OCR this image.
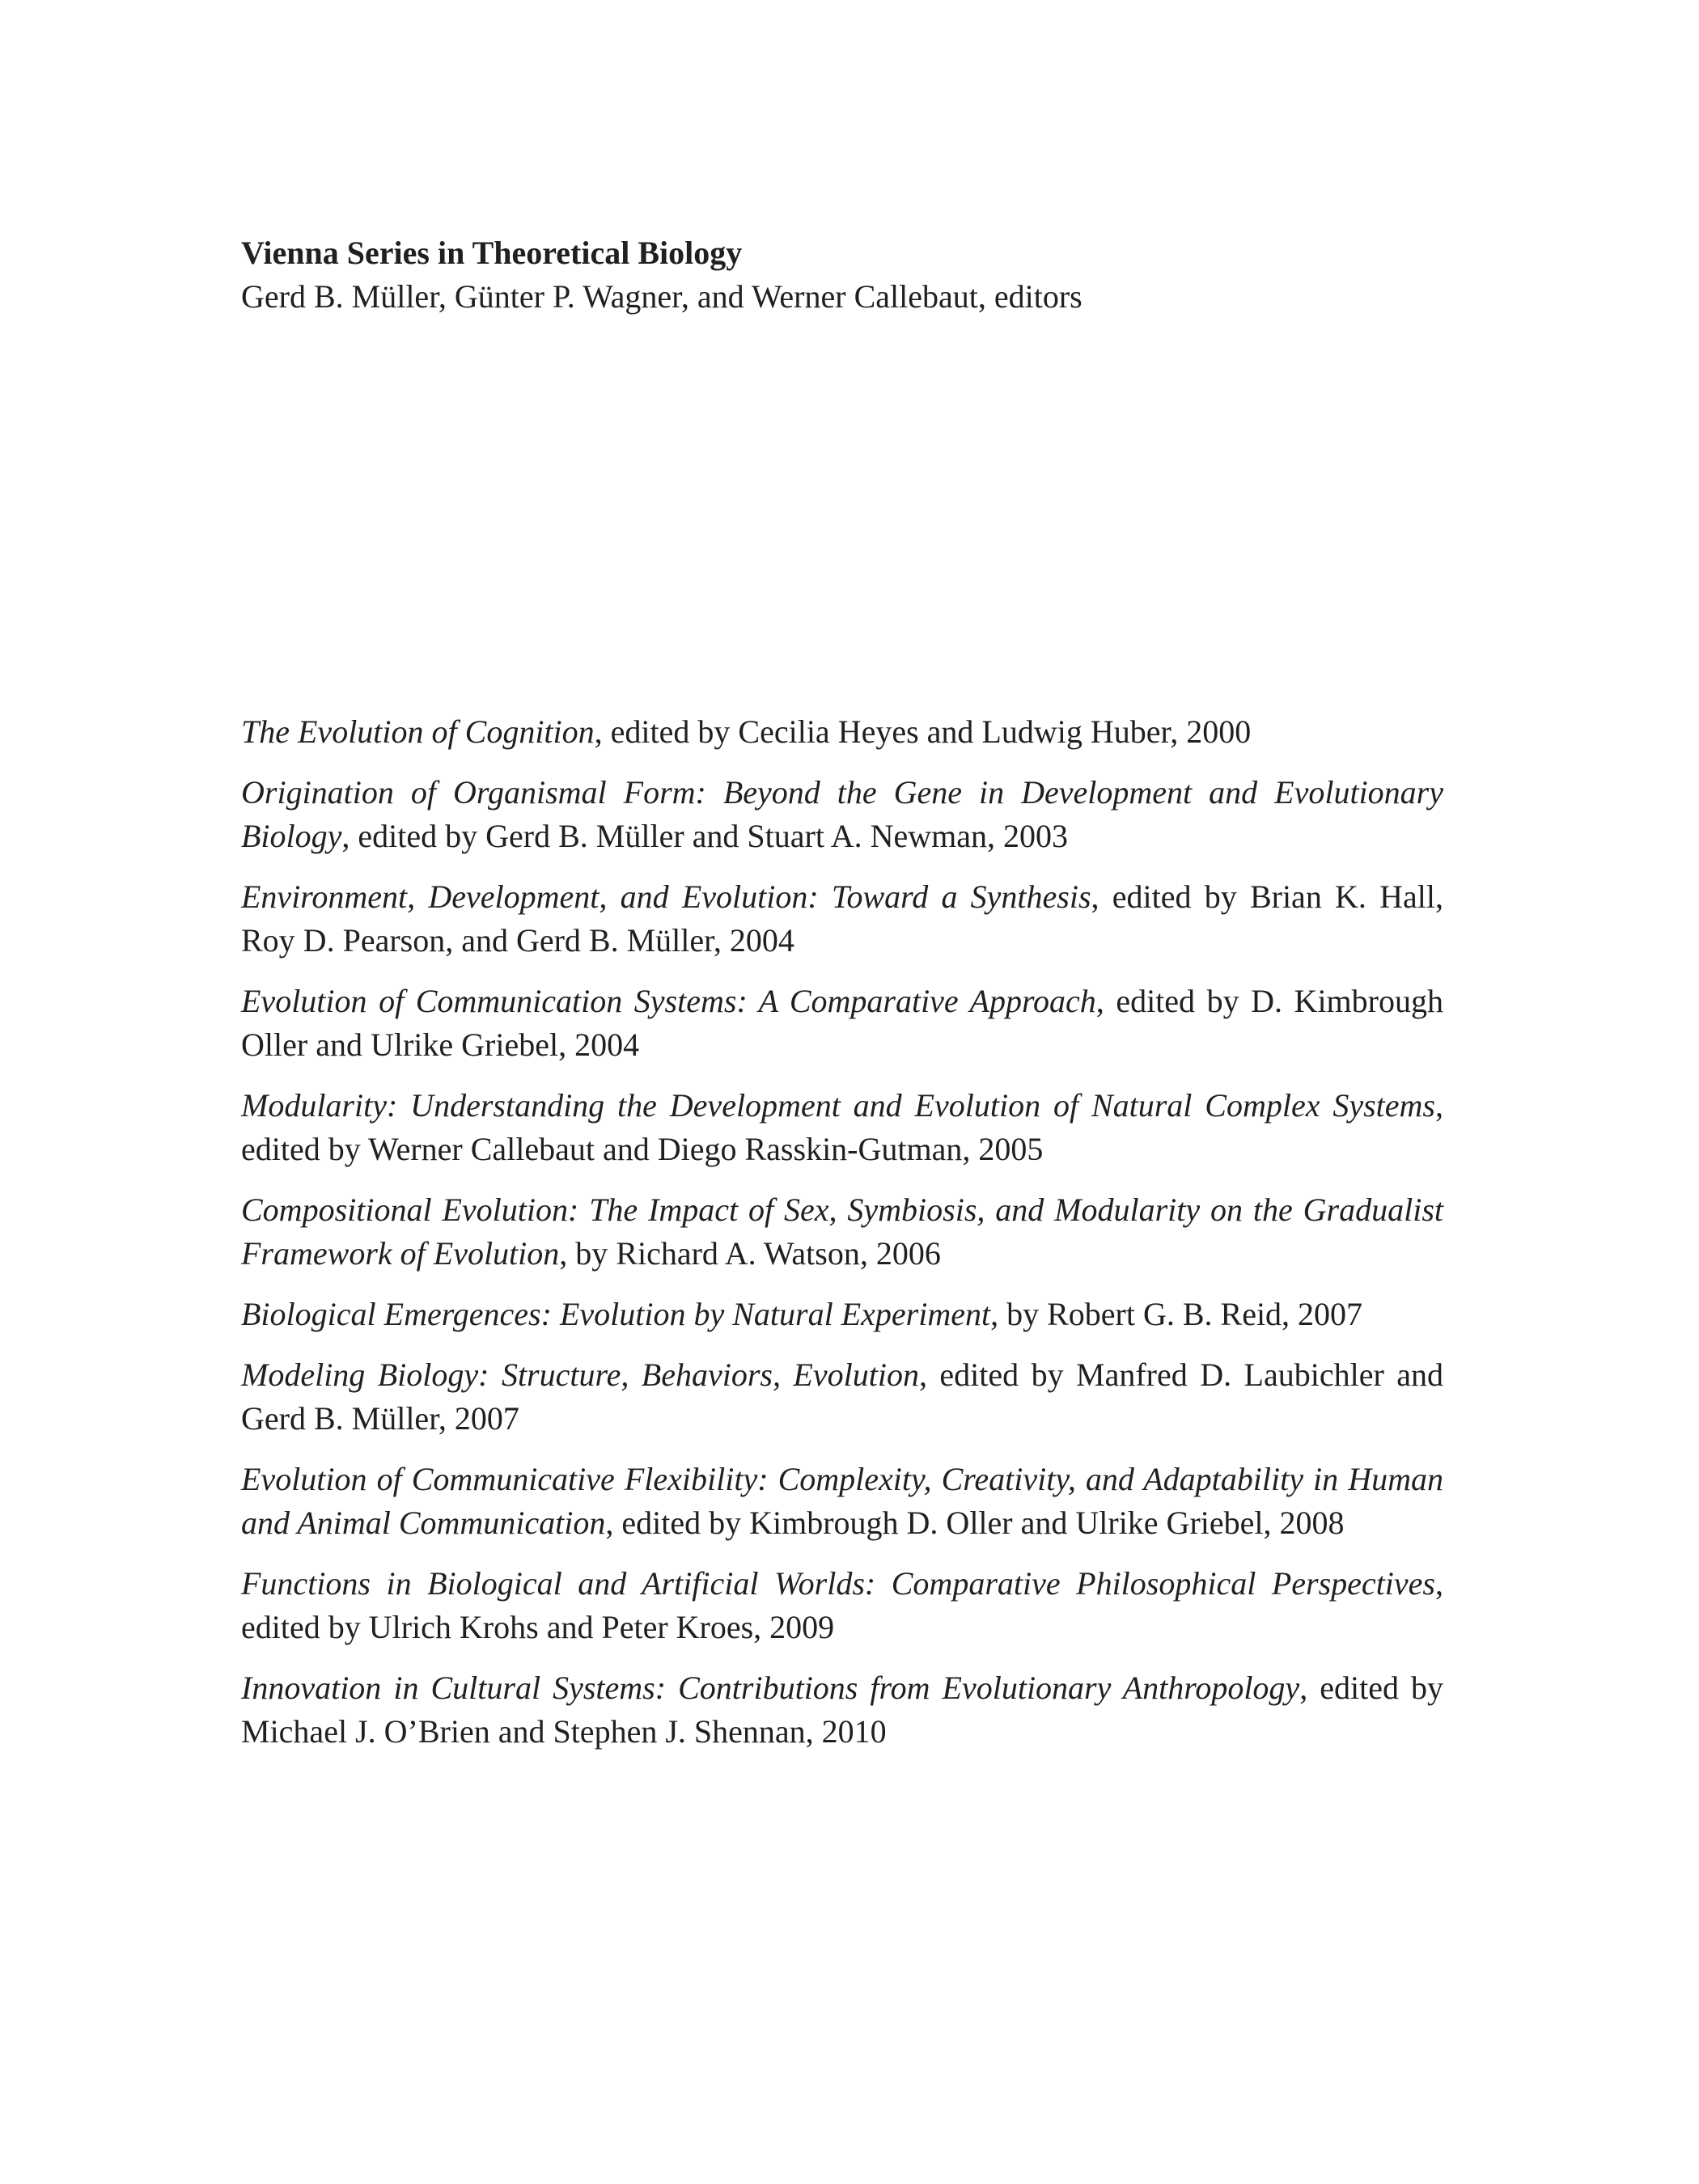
Vienna Series in Theoretical Biology

Gerd B. Müller, Günter P. Wagner, and Werner Callebaut, editors

The Evolution of Cognition, edited by Cecilia Heyes and Ludwig Huber, 2000
Origination of Organismal Form: Beyond the Gene in Development and Evolutionary Biology, edited by Gerd B. Müller and Stuart A. Newman, 2003
Environment, Development, and Evolution: Toward a Synthesis, edited by Brian K. Hall, Roy D. Pearson, and Gerd B. Müller, 2004
Evolution of Communication Systems: A Comparative Approach, edited by D. Kimbrough Oller and Ulrike Griebel, 2004
Modularity: Understanding the Development and Evolution of Natural Complex Systems, edited by Werner Callebaut and Diego Rasskin-Gutman, 2005
Compositional Evolution: The Impact of Sex, Symbiosis, and Modularity on the Gradualist Framework of Evolution, by Richard A. Watson, 2006
Biological Emergences: Evolution by Natural Experiment, by Robert G. B. Reid, 2007
Modeling Biology: Structure, Behaviors, Evolution, edited by Manfred D. Laubichler and Gerd B. Müller, 2007
Evolution of Communicative Flexibility: Complexity, Creativity, and Adaptability in Human and Animal Communication, edited by Kimbrough D. Oller and Ulrike Griebel, 2008
Functions in Biological and Artificial Worlds: Comparative Philosophical Perspectives, edited by Ulrich Krohs and Peter Kroes, 2009
Innovation in Cultural Systems: Contributions from Evolutionary Anthropology, edited by Michael J. O’Brien and Stephen J. Shennan, 2010
